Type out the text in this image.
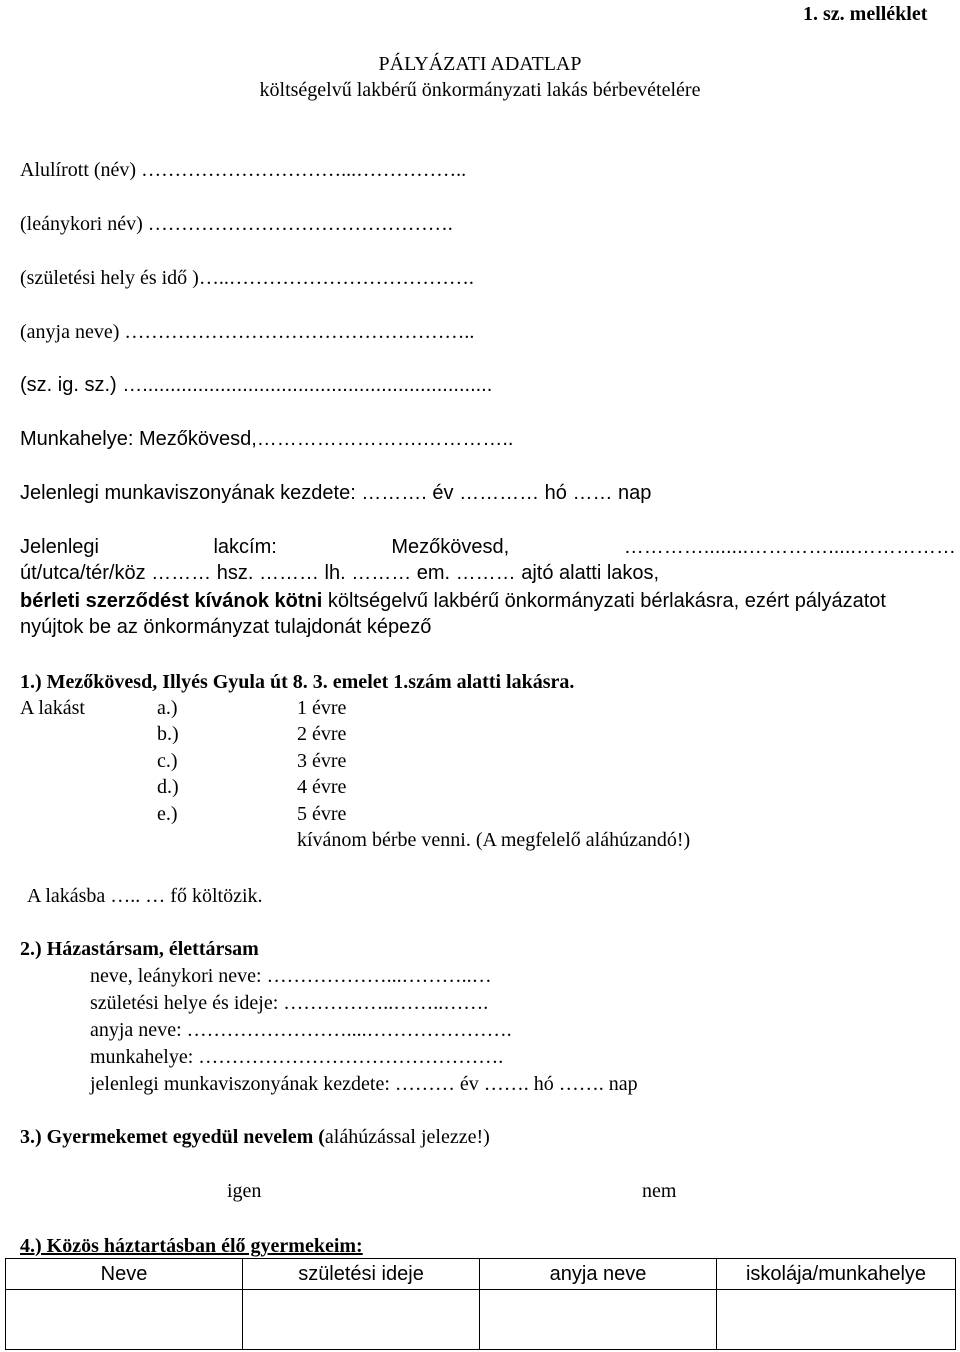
1. sz. melléklet
PÁLYÁZATI ADATLAP
költségelvű lakbérű önkormányzati lakás bérbevételére
Alulírott (név) …………………………...……………..
(leánykori név) ……………………………………….
(születési hely és idő )…..……………………………….
(anyja neve) ……………………………………………..
(sz. ig. sz.) …...............................................................
Munkahelye: Mezőkövesd,…………………….…………..
Jelenlegi munkaviszonyának kezdete: ………. év ………… hó …… nap
Jelenlegi	lakcím:	Mezőkövesd,	…………........………….....……………
út/utca/tér/köz ……… hsz. ……… lh. ……… em. ……… ajtó alatti lakos,
bérleti szerződést kívánok kötni költségelvű lakbérű önkormányzati bérlakásra, ezért pályázatot
nyújtok be az önkormányzat tulajdonát képező
1.) Mezőkövesd, Illyés Gyula út 8. 3. emelet 1.szám alatti lakásra.
A lakást	a.)	1 évre
b.)	2 évre
c.)	3 évre
d.)	4 évre
e.)	5 évre
kívánom bérbe venni. (A megfelelő aláhúzandó!)
A lakásba ….. … fő költözik.
2.) Házastársam, élettársam
neve, leánykori neve: ………………...………..…
születési helye és ideje: ……………..……..…….
anyja neve: ……………………....………………….
munkahelye: ……………………………………….
jelenlegi munkaviszonyának kezdete: ……… év ……. hó ……. nap
3.) Gyermekemet egyedül nevelem (aláhúzással jelezze!)
igen	nem
4.) Közös háztartásban élő gyermekeim:
Neve	születési ideje	anyja neve	iskolája/munkahelye
